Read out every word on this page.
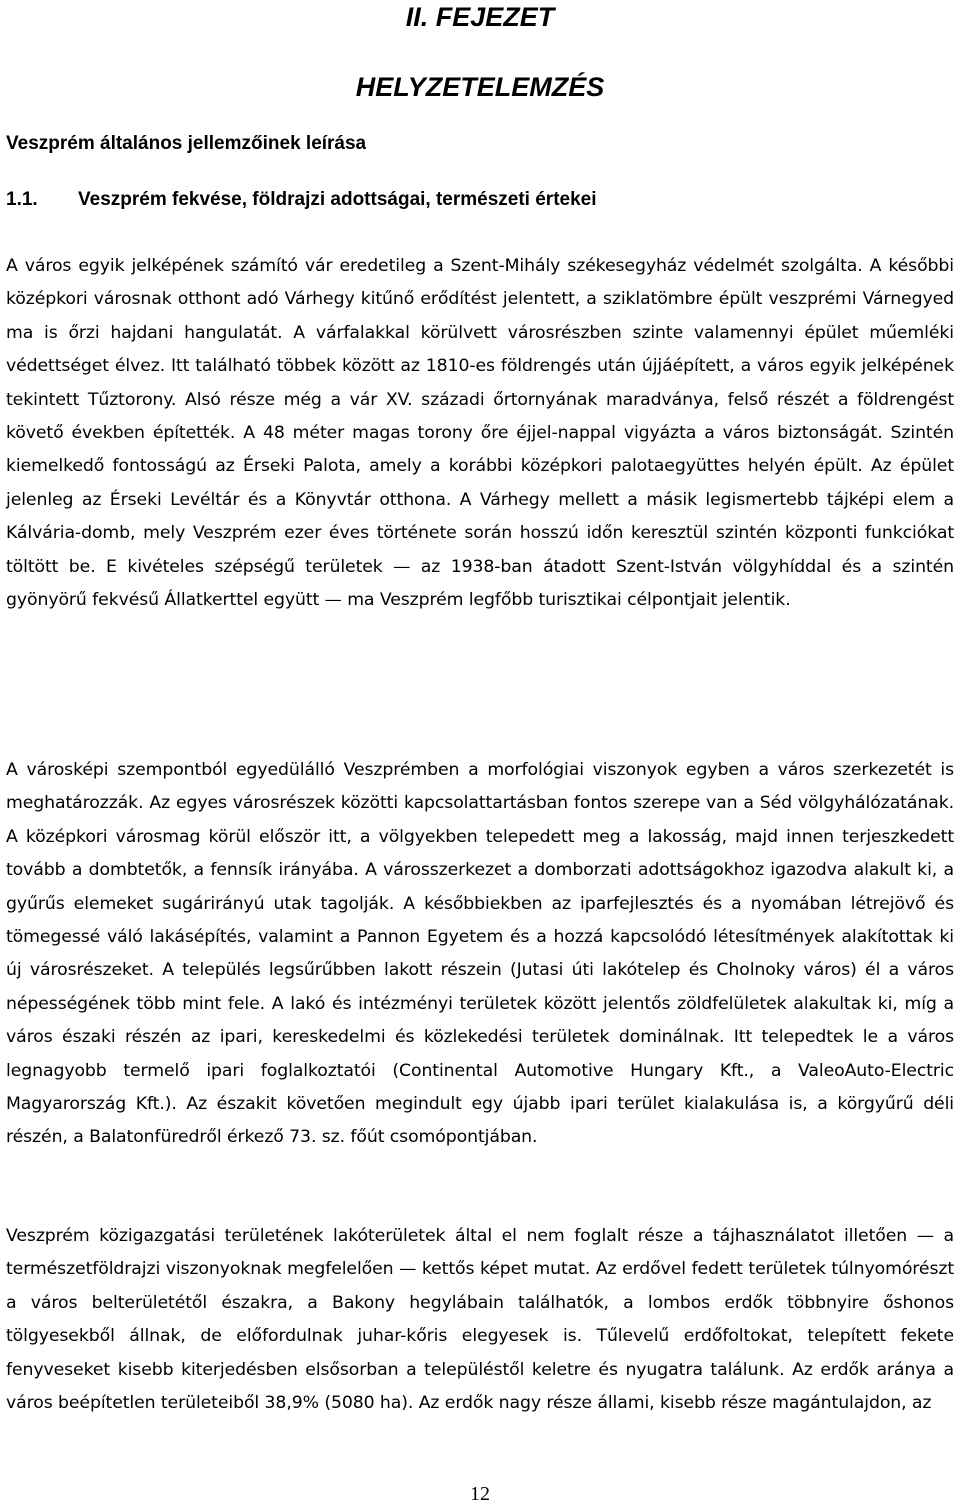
II. FEJEZET
HELYZETELEMZÉS
Veszprém általános jellemzőinek leírása
1.1. Veszprém fekvése, földrajzi adottságai, természeti értekei

A város egyik jelképének számító vár eredetileg a Szent-Mihály székesegyház védelmét szolgálta. A későbbi középkori városnak otthont adó Várhegy kitűnő erődítést jelentett, a sziklatömbre épült veszprémi Várnegyed ma is őrzi hajdani hangulatát. A várfalakkal körülvett városrészben szinte valamennyi épület műemléki védettséget élvez. Itt található többek között az 1810-es földrengés után újjáépített, a város egyik jelképének tekintett Tűztorony. Alsó része még a vár XV. századi őrtornyának maradványa, felső részét a földrengést követő években építették. A 48 méter magas torony őre éjjel-nappal vigyázta a város biztonságát. Szintén kiemelkedő fontosságú az Érseki Palota, amely a korábbi középkori palotaegyüttes helyén épült. Az épület jelenleg az Érseki Levéltár és a Könyvtár otthona. A Várhegy mellett a másik legismertebb tájképi elem a Kálvária-domb, mely Veszprém ezer éves története során hosszú időn keresztül szintén központi funkciókat töltött be. E kivételes szépségű területek — az 1938-ban átadott Szent-István völgyhíddal és a szintén gyönyörű fekvésű Állatkerttel együtt — ma Veszprém legfőbb turisztikai célpontjait jelentik.

A városképi szempontból egyedülálló Veszprémben a morfológiai viszonyok egyben a város szerkezetét is meghatározzák. Az egyes városrészek közötti kapcsolattartásban fontos szerepe van a Séd völgyhálózatának. A középkori városmag körül először itt, a völgyekben telepedett meg a lakosság, majd innen terjeszkedett tovább a dombtetők, a fennsík irányába. A városszerkezet a domborzati adottságokhoz igazodva alakult ki, a gyűrűs elemeket sugárirányú utak tagolják. A későbbiekben az iparfejlesztés és a nyomában létrejövő és tömegessé váló lakásépítés, valamint a Pannon Egyetem és a hozzá kapcsolódó létesítmények alakítottak ki új városrészeket. A település legsűrűbben lakott részein (Jutasi úti lakótelep és Cholnoky város) él a város népességének több mint fele. A lakó és intézményi területek között jelentős zöldfelületek alakultak ki, míg a város északi részén az ipari, kereskedelmi és közlekedési területek dominálnak. Itt telepedtek le a város legnagyobb termelő ipari foglalkoztatói (Continental Automotive Hungary Kft., a ValeoAuto-Electric Magyarország Kft.). Az északit követően megindult egy újabb ipari terület kialakulása is, a körgyűrű déli részén, a Balatonfüredről érkező 73. sz. főút csomópontjában.

Veszprém közigazgatási területének lakóterületek által el nem foglalt része a tájhasználatot illetően — a természetföldrajzi viszonyoknak megfelelően — kettős képet mutat. Az erdővel fedett területek túlnyomórészt a város belterületétől északra, a Bakony hegylábain találhatók, a lombos erdők többnyire őshonos tölgyesekből állnak, de előfordulnak juhar-kőris elegyesek is. Tűlevelű erdőfoltokat, telepített fekete fenyveseket kisebb kiterjedésben elsősorban a településtől keletre és nyugatra találunk. Az erdők aránya a város beépítetlen területeiből 38,9% (5080 ha). Az erdők nagy része állami, kisebb része magántulajdon, az

12
